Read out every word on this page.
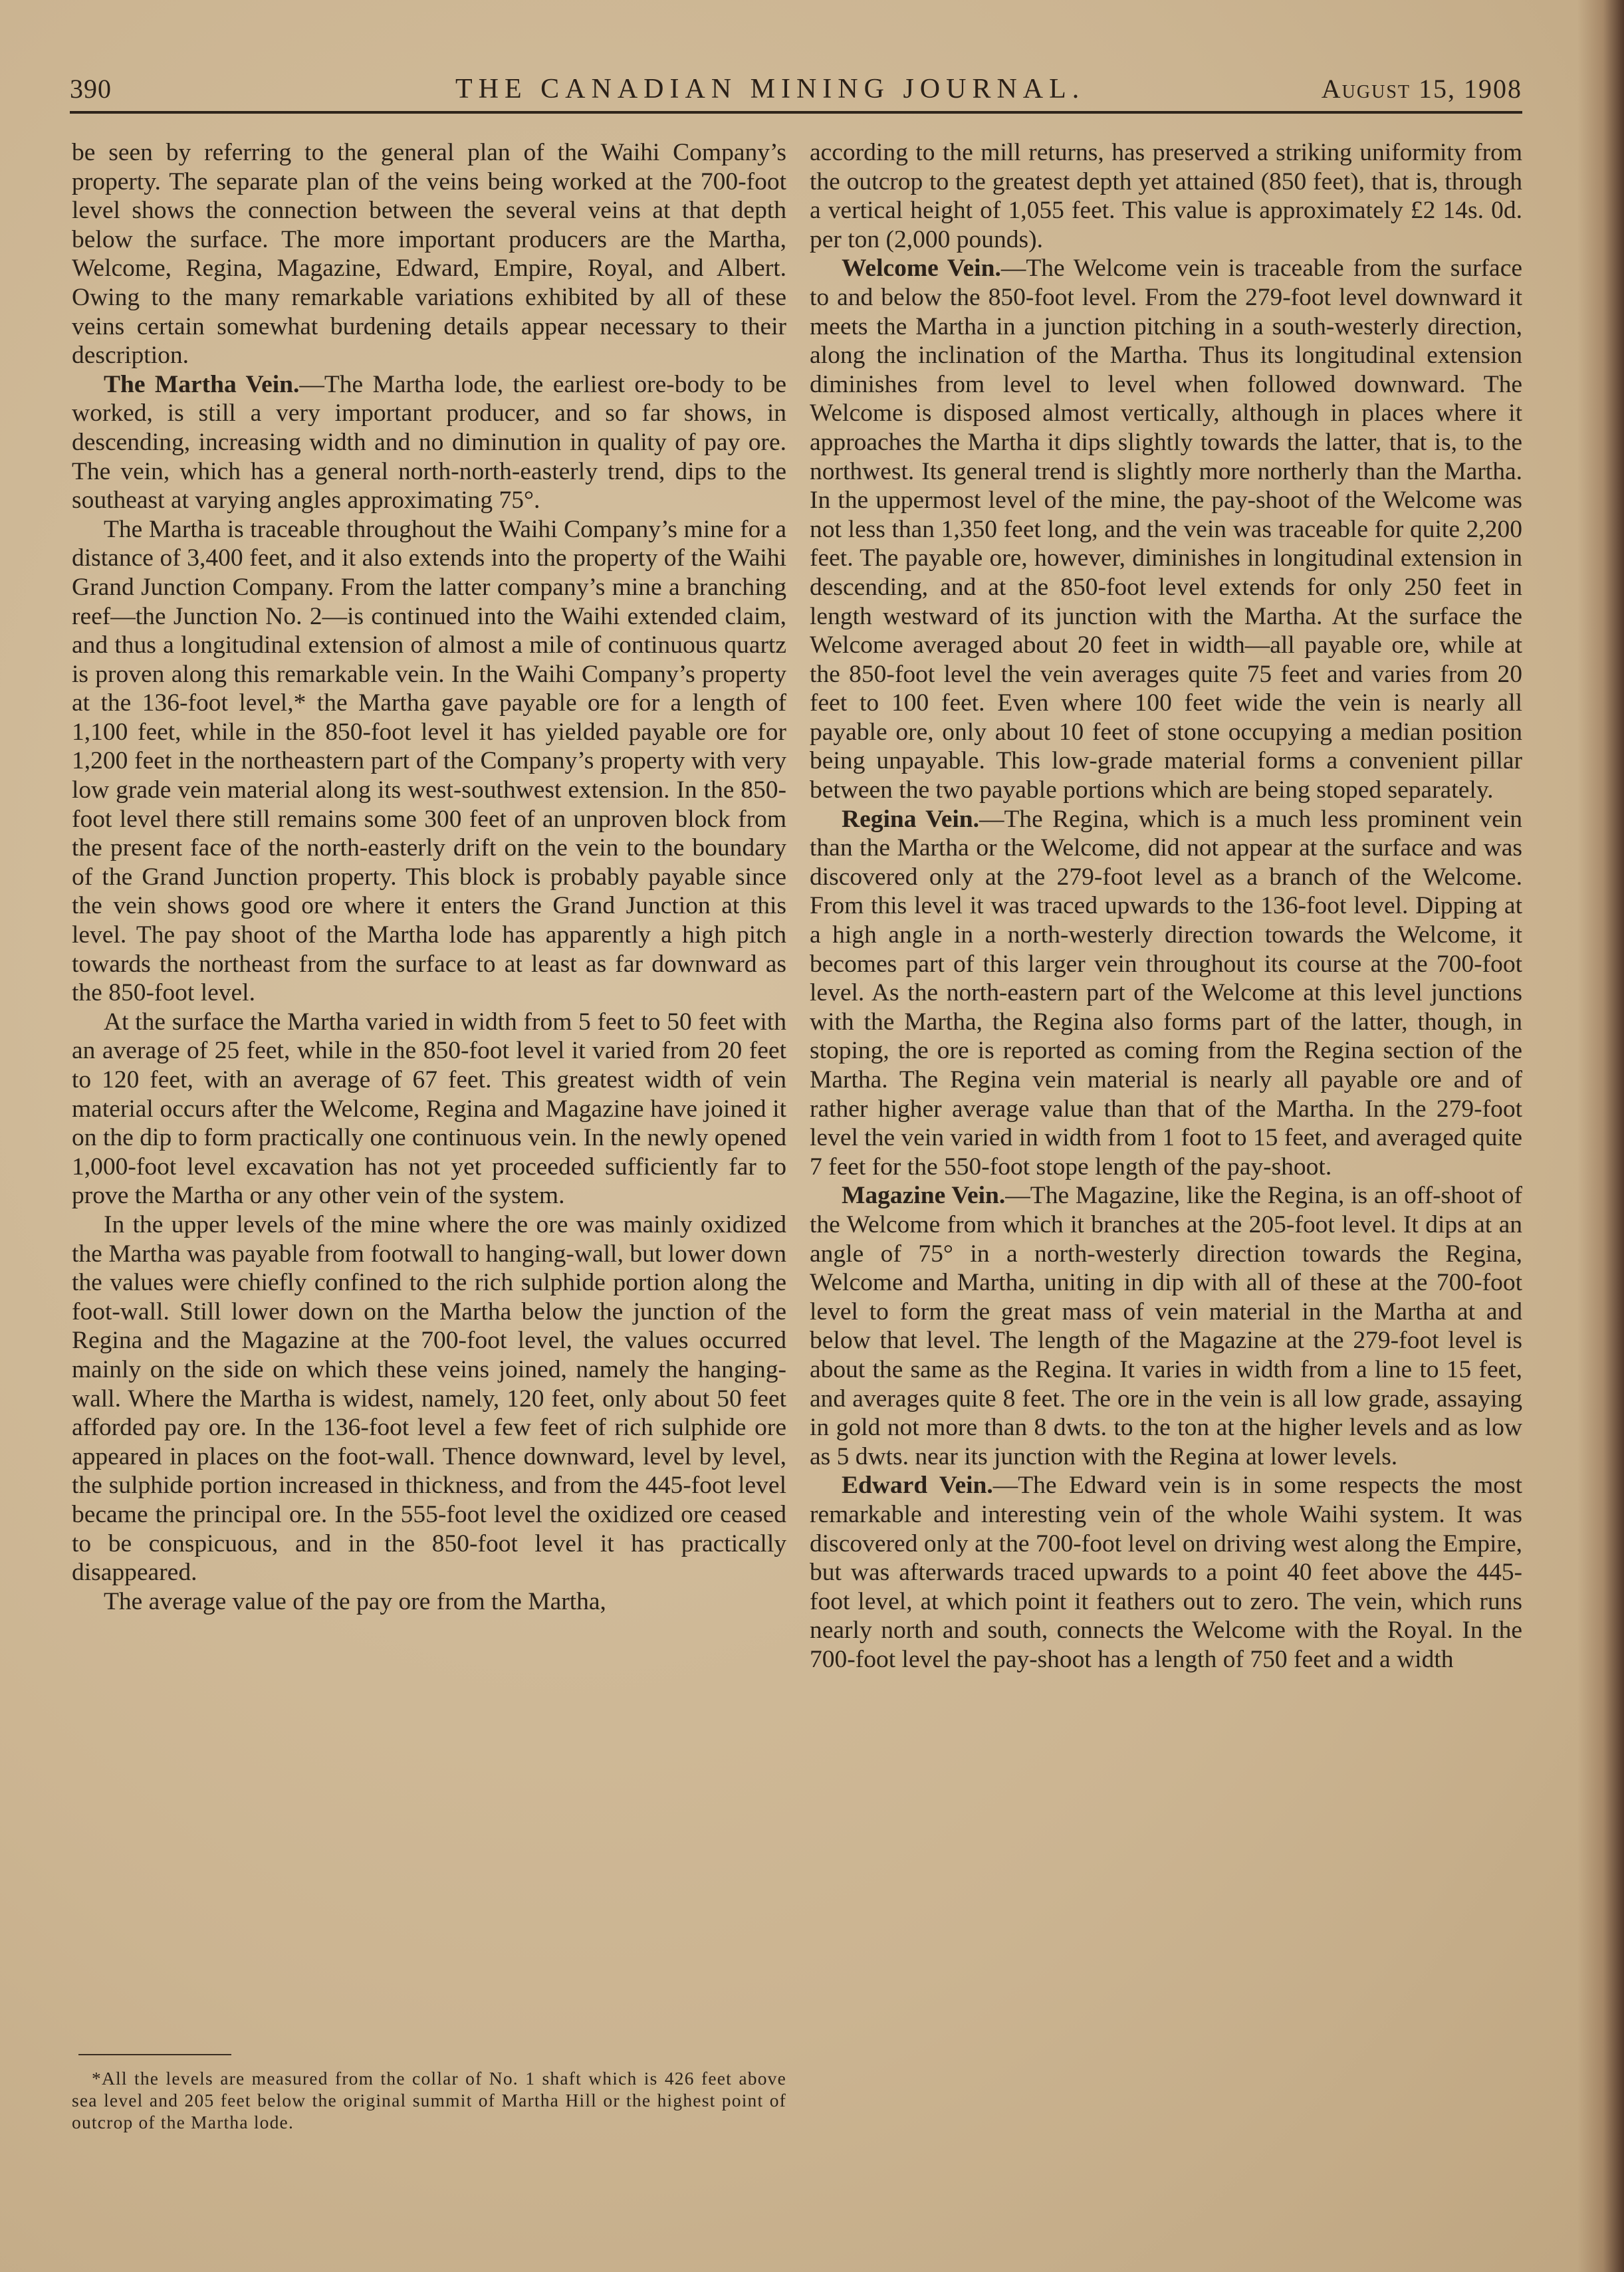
390	THE CANADIAN MINING JOURNAL.	August 15, 1908

be seen by referring to the general plan of the Waihi Company’s property. The separate plan of the veins being worked at the 700-foot level shows the connection between the several veins at that depth below the surface. The more important producers are the Martha, Welcome, Regina, Magazine, Edward, Empire, Royal, and Albert. Owing to the many remarkable variations exhibited by all of these veins certain somewhat burdening details appear necessary to their description.

The Martha Vein.—The Martha lode, the earliest ore-body to be worked, is still a very important producer, and so far shows, in descending, increasing width and no diminution in quality of pay ore. The vein, which has a general north-north-easterly trend, dips to the southeast at varying angles approximating 75°.

The Martha is traceable throughout the Waihi Company’s mine for a distance of 3,400 feet, and it also extends into the property of the Waihi Grand Junction Company. From the latter company’s mine a branching reef—the Junction No. 2—is continued into the Waihi extended claim, and thus a longitudinal extension of almost a mile of continuous quartz is proven along this remarkable vein. In the Waihi Company’s property at the 136-foot level,* the Martha gave payable ore for a length of 1,100 feet, while in the 850-foot level it has yielded payable ore for 1,200 feet in the northeastern part of the Company’s property with very low grade vein material along its west-southwest extension. In the 850-foot level there still remains some 300 feet of an unproven block from the present face of the north-easterly drift on the vein to the boundary of the Grand Junction property. This block is probably payable since the vein shows good ore where it enters the Grand Junction at this level. The pay shoot of the Martha lode has apparently a high pitch towards the northeast from the surface to at least as far downward as the 850-foot level.

At the surface the Martha varied in width from 5 feet to 50 feet with an average of 25 feet, while in the 850-foot level it varied from 20 feet to 120 feet, with an average of 67 feet. This greatest width of vein material occurs after the Welcome, Regina and Magazine have joined it on the dip to form practically one continuous vein. In the newly opened 1,000-foot level excavation has not yet proceeded sufficiently far to prove the Martha or any other vein of the system.

In the upper levels of the mine where the ore was mainly oxidized the Martha was payable from footwall to hanging-wall, but lower down the values were chiefly confined to the rich sulphide portion along the foot-wall. Still lower down on the Martha below the junction of the Regina and the Magazine at the 700-foot level, the values occurred mainly on the side on which these veins joined, namely the hanging-wall. Where the Martha is widest, namely, 120 feet, only about 50 feet afforded pay ore. In the 136-foot level a few feet of rich sulphide ore appeared in places on the foot-wall. Thence downward, level by level, the sulphide portion increased in thickness, and from the 445-foot level became the principal ore. In the 555-foot level the oxidized ore ceased to be conspicuous, and in the 850-foot level it has practically disappeared.

The average value of the pay ore from the Martha,

*All the levels are measured from the collar of No. 1 shaft which is 426 feet above sea level and 205 feet below the original summit of Martha Hill or the highest point of outcrop of the Martha lode.

according to the mill returns, has preserved a striking uniformity from the outcrop to the greatest depth yet attained (850 feet), that is, through a vertical height of 1,055 feet. This value is approximately £2 14s. 0d. per ton (2,000 pounds).

Welcome Vein.—The Welcome vein is traceable from the surface to and below the 850-foot level. From the 279-foot level downward it meets the Martha in a junction pitching in a south-westerly direction, along the inclination of the Martha. Thus its longitudinal extension diminishes from level to level when followed downward. The Welcome is disposed almost vertically, although in places where it approaches the Martha it dips slightly towards the latter, that is, to the northwest. Its general trend is slightly more northerly than the Martha. In the uppermost level of the mine, the pay-shoot of the Welcome was not less than 1,350 feet long, and the vein was traceable for quite 2,200 feet. The payable ore, however, diminishes in longitudinal extension in descending, and at the 850-foot level extends for only 250 feet in length westward of its junction with the Martha. At the surface the Welcome averaged about 20 feet in width—all payable ore, while at the 850-foot level the vein averages quite 75 feet and varies from 20 feet to 100 feet. Even where 100 feet wide the vein is nearly all payable ore, only about 10 feet of stone occupying a median position being unpayable. This low-grade material forms a convenient pillar between the two payable portions which are being stoped separately.

Regina Vein.—The Regina, which is a much less prominent vein than the Martha or the Welcome, did not appear at the surface and was discovered only at the 279-foot level as a branch of the Welcome. From this level it was traced upwards to the 136-foot level. Dipping at a high angle in a north-westerly direction towards the Welcome, it becomes part of this larger vein throughout its course at the 700-foot level. As the north-eastern part of the Welcome at this level junctions with the Martha, the Regina also forms part of the latter, though, in stoping, the ore is reported as coming from the Regina section of the Martha. The Regina vein material is nearly all payable ore and of rather higher average value than that of the Martha. In the 279-foot level the vein varied in width from 1 foot to 15 feet, and averaged quite 7 feet for the 550-foot stope length of the pay-shoot.

Magazine Vein.—The Magazine, like the Regina, is an off-shoot of the Welcome from which it branches at the 205-foot level. It dips at an angle of 75° in a north-westerly direction towards the Regina, Welcome and Martha, uniting in dip with all of these at the 700-foot level to form the great mass of vein material in the Martha at and below that level. The length of the Magazine at the 279-foot level is about the same as the Regina. It varies in width from a line to 15 feet, and averages quite 8 feet. The ore in the vein is all low grade, assaying in gold not more than 8 dwts. to the ton at the higher levels and as low as 5 dwts. near its junction with the Regina at lower levels.

Edward Vein.—The Edward vein is in some respects the most remarkable and interesting vein of the whole Waihi system. It was discovered only at the 700-foot level on driving west along the Empire, but was afterwards traced upwards to a point 40 feet above the 445-foot level, at which point it feathers out to zero. The vein, which runs nearly north and south, connects the Welcome with the Royal. In the 700-foot level the pay-shoot has a length of 750 feet and a width
